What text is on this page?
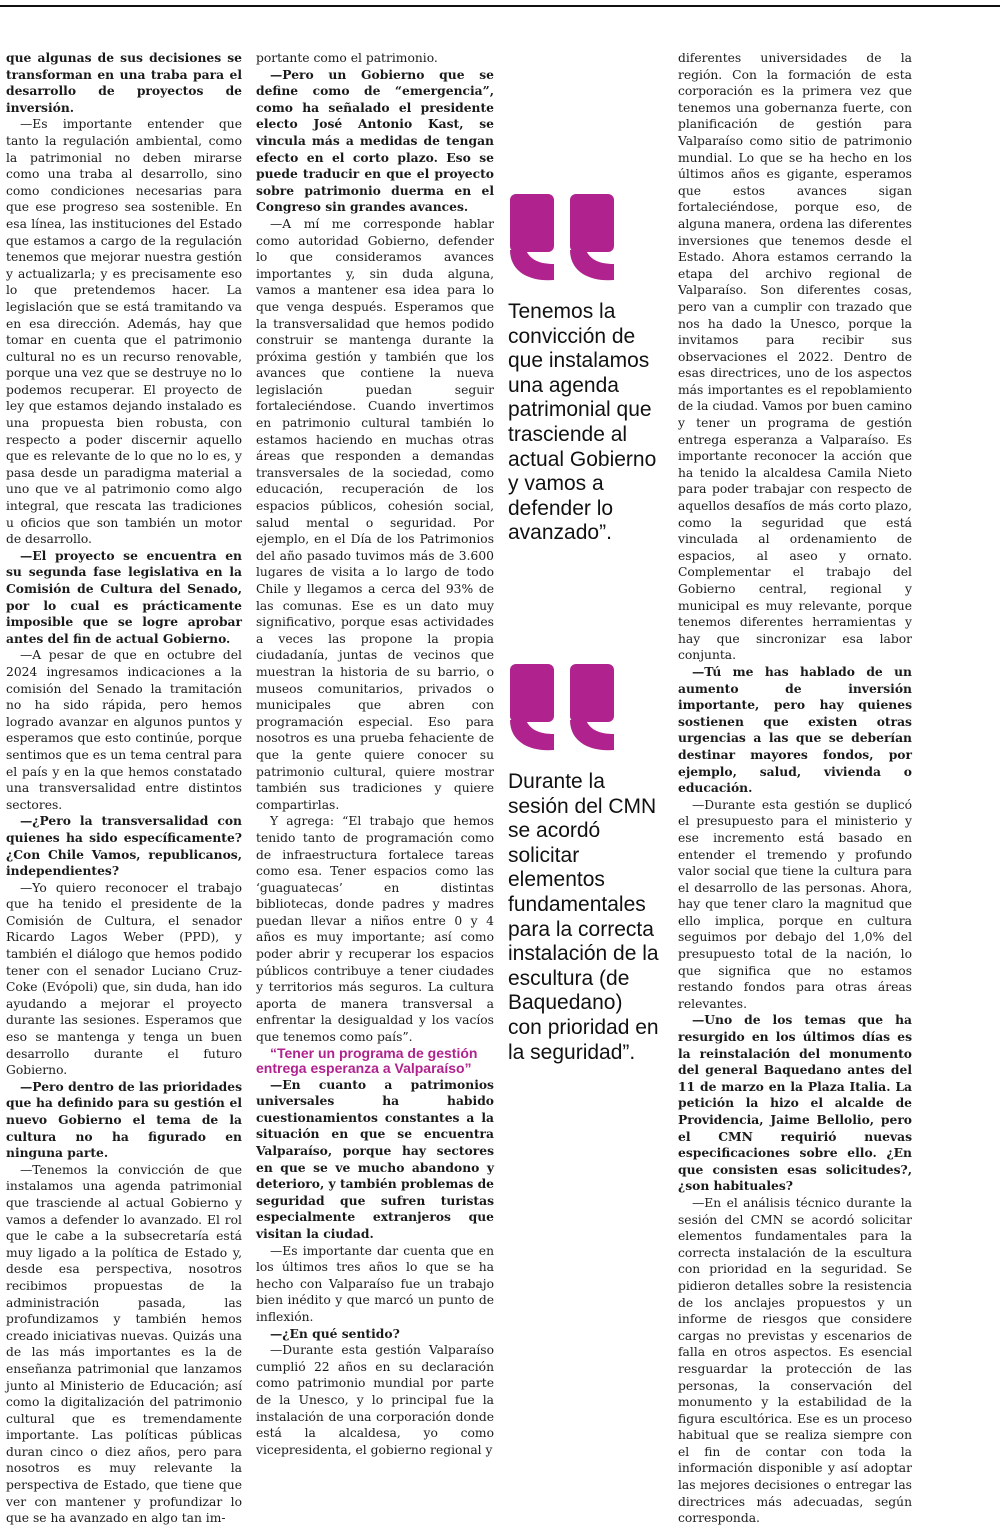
que algunas de sus decisiones se transforman en una traba para el desarrollo de proyectos de inversión.

—Es importante entender que tanto la regulación ambiental, como la patrimonial no deben mirarse como una traba al desarrollo, sino como condiciones necesarias para que ese progreso sea sostenible. En esa línea, las instituciones del Estado que estamos a cargo de la regulación tenemos que mejorar nuestra gestión y actualizarla; y es precisamente eso lo que pretendemos hacer. La legislación que se está tramitando va en esa dirección. Además, hay que tomar en cuenta que el patrimonio cultural no es un recurso renovable, porque una vez que se destruye no lo podemos recuperar. El proyecto de ley que estamos dejando instalado es una propuesta bien robusta, con respecto a poder discernir aquello que es relevante de lo que no lo es, y pasa desde un paradigma material a uno que ve al patrimonio como algo integral, que rescata las tradiciones u oficios que son también un motor de desarrollo.

—El proyecto se encuentra en su segunda fase legislativa en la Comisión de Cultura del Senado, por lo cual es prácticamente imposible que se logre aprobar antes del fin de actual Gobierno.

—A pesar de que en octubre del 2024 ingresamos indicaciones a la comisión del Senado la tramitación no ha sido rápida, pero hemos logrado avanzar en algunos puntos y esperamos que esto continúe, porque sentimos que es un tema central para el país y en la que hemos constatado una transversalidad entre distintos sectores.

—¿Pero la transversalidad con quienes ha sido específicamente? ¿Con Chile Vamos, republicanos, independientes?

—Yo quiero reconocer el trabajo que ha tenido el presidente de la Comisión de Cultura, el senador Ricardo Lagos Weber (PPD), y también el diálogo que hemos podido tener con el senador Luciano Cruz-Coke (Evópoli) que, sin duda, han ido ayudando a mejorar el proyecto durante las sesiones. Esperamos que eso se mantenga y tenga un buen desarrollo durante el futuro Gobierno.

—Pero dentro de las prioridades que ha definido para su gestión el nuevo Gobierno el tema de la cultura no ha figurado en ninguna parte.

—Tenemos la convicción de que instalamos una agenda patrimonial que trasciende al actual Gobierno y vamos a defender lo avanzado. El rol que le cabe a la subsecretaría está muy ligado a la política de Estado y, desde esa perspectiva, nosotros recibimos propuestas de la administración pasada, las profundizamos y también hemos creado iniciativas nuevas. Quizás una de las más importantes es la de enseñanza patrimonial que lanzamos junto al Ministerio de Educación; así como la digitalización del patrimonio cultural que es tremendamente importante. Las políticas públicas duran cinco o diez años, pero para nosotros es muy relevante la perspectiva de Estado, que tiene que ver con mantener y profundizar lo que se ha avanzado en algo tan im-

portante como el patrimonio.

—Pero un Gobierno que se define como de “emergencia”, como ha señalado el presidente electo José Antonio Kast, se vincula más a medidas de tengan efecto en el corto plazo. Eso se puede traducir en que el proyecto sobre patrimonio duerma en el Congreso sin grandes avances.

—A mí me corresponde hablar como autoridad Gobierno, defender lo que consideramos avances importantes y, sin duda alguna, vamos a mantener esa idea para lo que venga después. Esperamos que la transversalidad que hemos podido construir se mantenga durante la próxima gestión y también que los avances que contiene la nueva legislación puedan seguir fortaleciéndose. Cuando invertimos en patrimonio cultural también lo estamos haciendo en muchas otras áreas que responden a demandas transversales de la sociedad, como educación, recuperación de los espacios públicos, cohesión social, salud mental o seguridad. Por ejemplo, en el Día de los Patrimonios del año pasado tuvimos más de 3.600 lugares de visita a lo largo de todo Chile y llegamos a cerca del 93% de las comunas. Ese es un dato muy significativo, porque esas actividades a veces las propone la propia ciudadanía, juntas de vecinos que muestran la historia de su barrio, o museos comunitarios, privados o municipales que abren con programación especial. Eso para nosotros es una prueba fehaciente de que la gente quiere conocer su patrimonio cultural, quiere mostrar también sus tradiciones y quiere compartirlas.

Y agrega: “El trabajo que hemos tenido tanto de programación como de infraestructura fortalece tareas como esa. Tener espacios como las ‘guaguatecas’ en distintas bibliotecas, donde padres y madres puedan llevar a niños entre 0 y 4 años es muy importante; así como poder abrir y recuperar los espacios públicos contribuye a tener ciudades y territorios más seguros. La cultura aporta de manera transversal a enfrentar la desigualdad y los vacíos que tenemos como país”.

“Tener un programa de gestión entrega esperanza a Valparaíso”

—En cuanto a patrimonios universales ha habido cuestionamientos constantes a la situación en que se encuentra Valparaíso, porque hay sectores en que se ve mucho abandono y deterioro, y también problemas de seguridad que sufren turistas especialmente extranjeros que visitan la ciudad.

—Es importante dar cuenta que en los últimos tres años lo que se ha hecho con Valparaíso fue un trabajo bien inédito y que marcó un punto de inflexión.

—¿En qué sentido?

—Durante esta gestión Valparaíso cumplió 22 años en su declaración como patrimonio mundial por parte de la Unesco, y lo principal fue la instalación de una corporación donde está la alcaldesa, yo como vicepresidenta, el gobierno regional y

Tenemos la convicción de que instalamos una agenda patrimonial que trasciende al actual Gobierno y vamos a defender lo avanzado”.
Durante la sesión del CMN se acordó solicitar elementos fundamentales para la correcta instalación de la escultura (de Baquedano) con prioridad en la seguridad”.

diferentes universidades de la región. Con la formación de esta corporación es la primera vez que tenemos una gobernanza fuerte, con planificación de gestión para Valparaíso como sitio de patrimonio mundial. Lo que se ha hecho en los últimos años es gigante, esperamos que estos avances sigan fortaleciéndose, porque eso, de alguna manera, ordena las diferentes inversiones que tenemos desde el Estado. Ahora estamos cerrando la etapa del archivo regional de Valparaíso. Son diferentes cosas, pero van a cumplir con trazado que nos ha dado la Unesco, porque la invitamos para recibir sus observaciones el 2022. Dentro de esas directrices, uno de los aspectos más importantes es el repoblamiento de la ciudad. Vamos por buen camino y tener un programa de gestión entrega esperanza a Valparaíso. Es importante reconocer la acción que ha tenido la alcaldesa Camila Nieto para poder trabajar con respecto de aquellos desafíos de más corto plazo, como la seguridad que está vinculada al ordenamiento de espacios, al aseo y ornato. Complementar el trabajo del Gobierno central, regional y municipal es muy relevante, porque tenemos diferentes herramientas y hay que sincronizar esa labor conjunta.

—Tú me has hablado de un aumento de inversión importante, pero hay quienes sostienen que existen otras urgencias a las que se deberían destinar mayores fondos, por ejemplo, salud, vivienda o educación.

—Durante esta gestión se duplicó el presupuesto para el ministerio y ese incremento está basado en entender el tremendo y profundo valor social que tiene la cultura para el desarrollo de las personas. Ahora, hay que tener claro la magnitud que ello implica, porque en cultura seguimos por debajo del 1,0% del presupuesto total de la nación, lo que significa que no estamos restando fondos para otras áreas relevantes.

—Uno de los temas que ha resurgido en los últimos días es la reinstalación del monumento del general Baquedano antes del 11 de marzo en la Plaza Italia. La petición la hizo el alcalde de Providencia, Jaime Bellolio, pero el CMN requirió nuevas especificaciones sobre ello. ¿En que consisten esas solicitudes?, ¿son habituales?

—En el análisis técnico durante la sesión del CMN se acordó solicitar elementos fundamentales para la correcta instalación de la escultura con prioridad en la seguridad. Se pidieron detalles sobre la resistencia de los anclajes propuestos y un informe de riesgos que considere cargas no previstas y escenarios de falla en otros aspectos. Es esencial resguardar la protección de las personas, la conservación del monumento y la estabilidad de la figura escultórica. Ese es un proceso habitual que se realiza siempre con el fin de contar con toda la información disponible y así adoptar las mejores decisiones o entregar las directrices más adecuadas, según corresponda.
